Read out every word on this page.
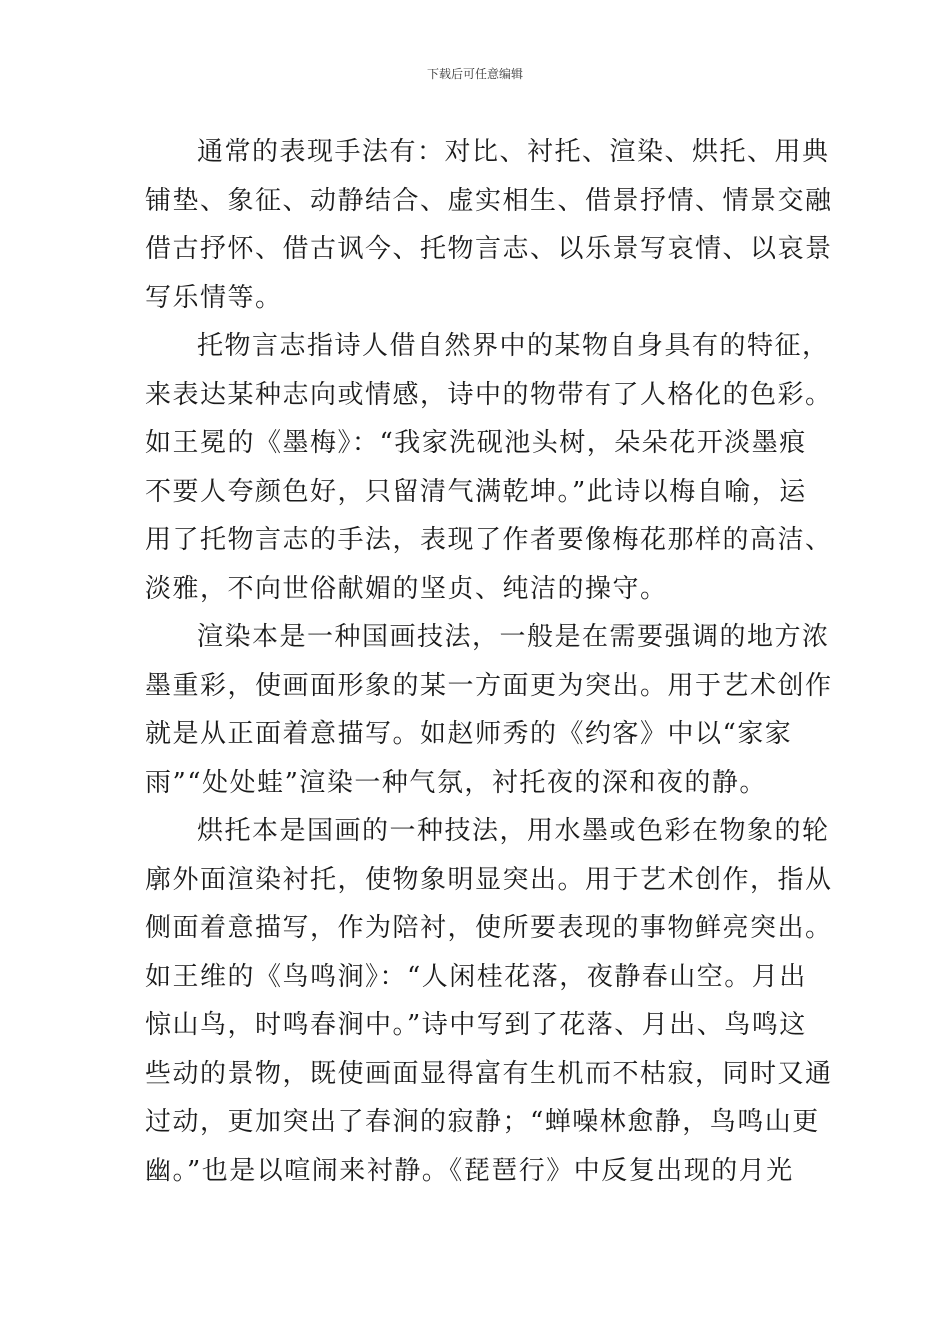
下载后可任意编辑
通常的表现手法有：对比、衬托、渲染、烘托、用典
铺垫、象征、动静结合、虚实相生、借景抒情、情景交融
借古抒怀、借古讽今、托物言志、以乐景写哀情、以哀景
写乐情等。
托物言志指诗人借自然界中的某物自身具有的特征，
来表达某种志向或情感，诗中的物带有了人格化的色彩。
如王冕的《墨梅》：“我家洗砚池头树，朵朵花开淡墨痕
不要人夸颜色好，只留清气满乾坤。”此诗以梅自喻，运
用了托物言志的手法，表现了作者要像梅花那样的高洁、
淡雅，不向世俗献媚的坚贞、纯洁的操守。
渲染本是一种国画技法，一般是在需要强调的地方浓
墨重彩，使画面形象的某一方面更为突出。用于艺术创作
就是从正面着意描写。如赵师秀的《约客》中以“家家
雨”“处处蛙”渲染一种气氛，衬托夜的深和夜的静。
烘托本是国画的一种技法，用水墨或色彩在物象的轮
廓外面渲染衬托，使物象明显突出。用于艺术创作，指从
侧面着意描写，作为陪衬，使所要表现的事物鲜亮突出。
如王维的《鸟鸣涧》：“人闲桂花落，夜静春山空。月出
惊山鸟，时鸣春涧中。”诗中写到了花落、月出、鸟鸣这
些动的景物，既使画面显得富有生机而不枯寂，同时又通
过动，更加突出了春涧的寂静；“蝉噪林愈静，鸟鸣山更
幽。”也是以喧闹来衬静。《琵琶行》中反复出现的月光
